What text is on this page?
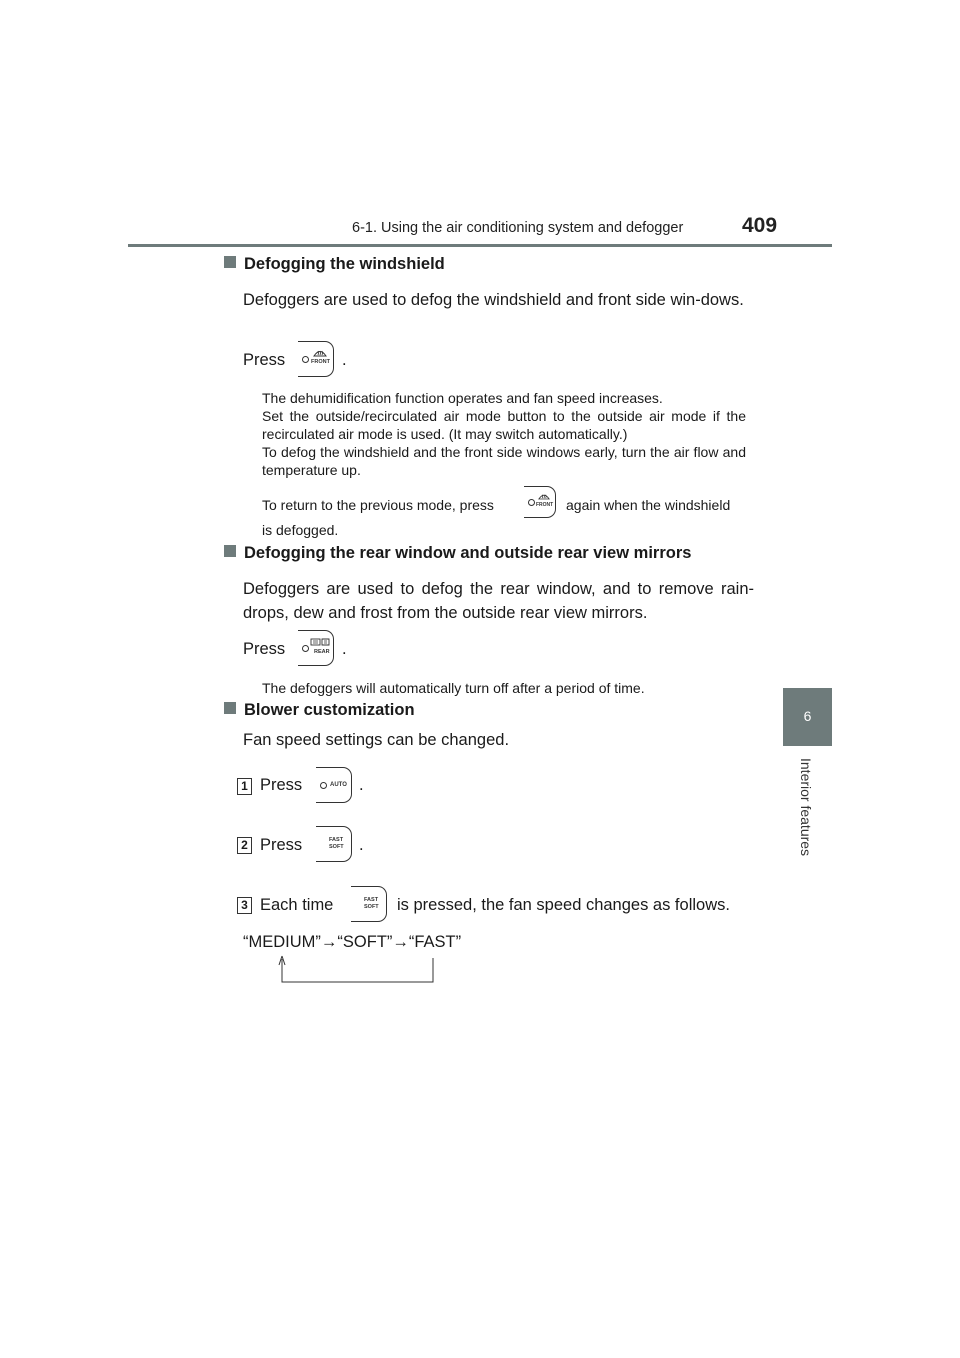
6-1. Using the air conditioning system and defogger	409
6
Interior features
Defogging the windshield
Defoggers are used to defog the windshield and front side win-dows.
Press	FRONT .
The dehumidification function operates and fan speed increases.
Set the outside/recirculated air mode button to the outside air mode if the recirculated air mode is used. (It may switch automatically.)
To defog the windshield and the front side windows early, turn the air flow and temperature up.
To return to the previous mode, press	FRONT again when the windshield
is defogged.
Defogging the rear window and outside rear view mirrors
Defoggers are used to defog the rear window, and to remove rain-drops, dew and frost from the outside rear view mirrors.
Press	REAR .
The defoggers will automatically turn off after a period of time.
Blower customization
Fan speed settings can be changed.
1 Press	AUTO .
2 Press	FAST
SOFT .
3 Each time	FAST
SOFT is pressed, the fan speed changes as follows.
“MEDIUM”→“SOFT”→“FAST”
